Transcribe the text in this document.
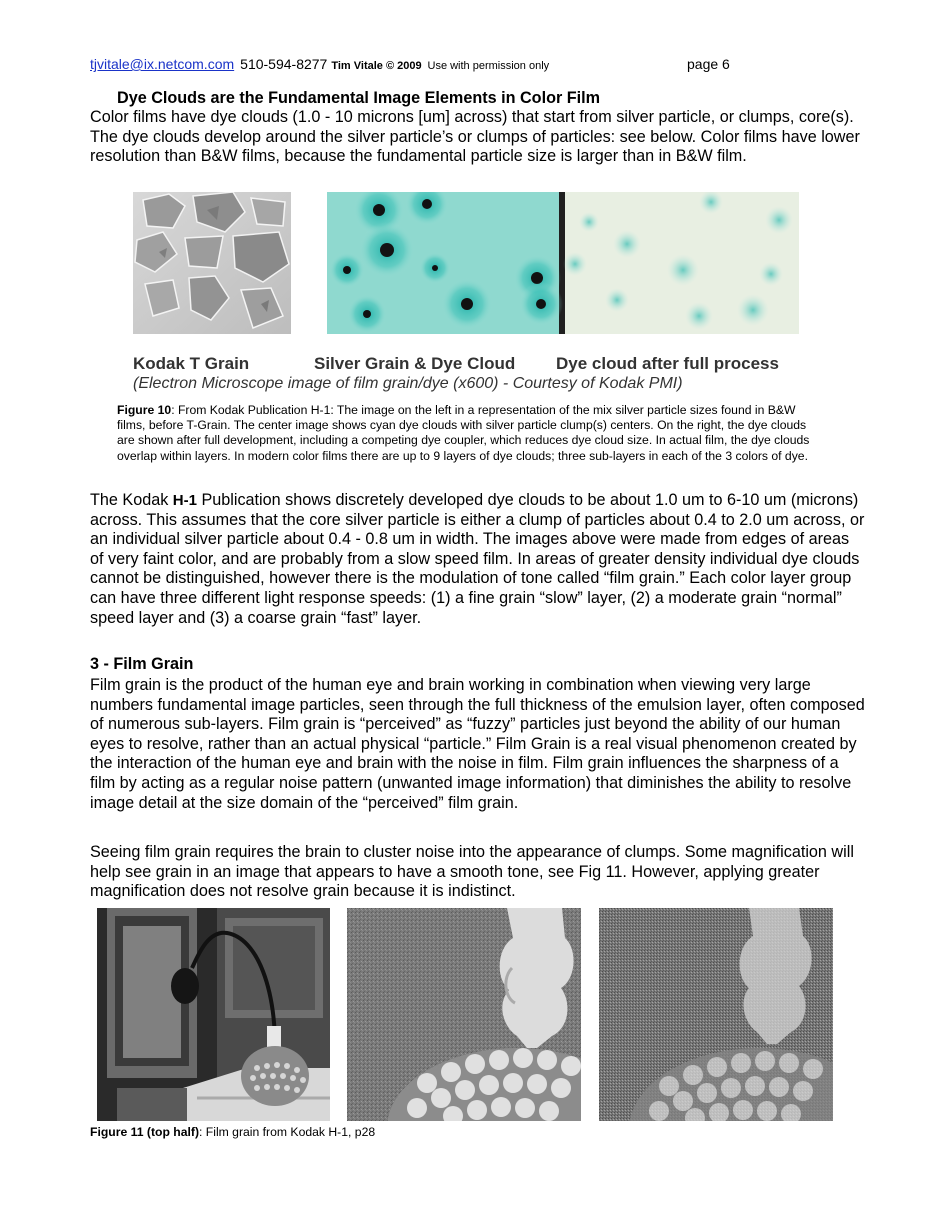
tjvitale@ix.netcom.com 510-594-8277 Tim Vitale © 2009 Use with permission only	page 6
Dye Clouds are the Fundamental Image Elements in Color Film

Color films have dye clouds (1.0 - 10 microns [um] across) that start from silver particle, or clumps, core(s). The dye clouds develop around the silver particle’s or clumps of particles: see below. Color films have lower resolution than B&W films, because the fundamental particle size is larger than in B&W film.

Kodak T Grain	Silver Grain & Dye Cloud Dye cloud after full process
(Electron Microscope image of film grain/dye (x600) - Courtesy of Kodak PMI)
Figure 10: From Kodak Publication H-1: The image on the left in a representation of the mix silver particle sizes found in B&W films, before T-Grain. The center image shows cyan dye clouds with silver particle clump(s) centers. On the right, the dye clouds are shown after full development, including a competing dye coupler, which reduces dye cloud size. In actual film, the dye clouds overlap within layers. In modern color films there are up to 9 layers of dye clouds; three sub-layers in each of the 3 colors of dye.

The Kodak H-1 Publication shows discretely developed dye clouds to be about 1.0 um to 6-10 um (microns) across. This assumes that the core silver particle is either a clump of particles about 0.4 to 2.0 um across, or an individual silver particle about 0.4 - 0.8 um in width. The images above were made from edges of areas of very faint color, and are probably from a slow speed film. In areas of greater density individual dye clouds cannot be distinguished, however there is the modulation of tone called “film grain.” Each color layer group can have three different light response speeds: (1) a fine grain “slow” layer, (2) a moderate grain “normal” speed layer and (3) a coarse grain “fast” layer.

3 - Film Grain

Film grain is the product of the human eye and brain working in combination when viewing very large numbers fundamental image particles, seen through the full thickness of the emulsion layer, often composed of numerous sub-layers. Film grain is “perceived” as “fuzzy” particles just beyond the ability of our human eyes to resolve, rather than an actual physical “particle.” Film Grain is a real visual phenomenon created by the interaction of the human eye and brain with the noise in film. Film grain influences the sharpness of a film by acting as a regular noise pattern (unwanted image information) that diminishes the ability to resolve image detail at the size domain of the “perceived” film grain.

Seeing film grain requires the brain to cluster noise into the appearance of clumps. Some magnification will help see grain in an image that appears to have a smooth tone, see Fig 11. However, applying greater magnification does not resolve grain because it is indistinct.

Figure 11 (top half): Film grain from Kodak H-1, p28
